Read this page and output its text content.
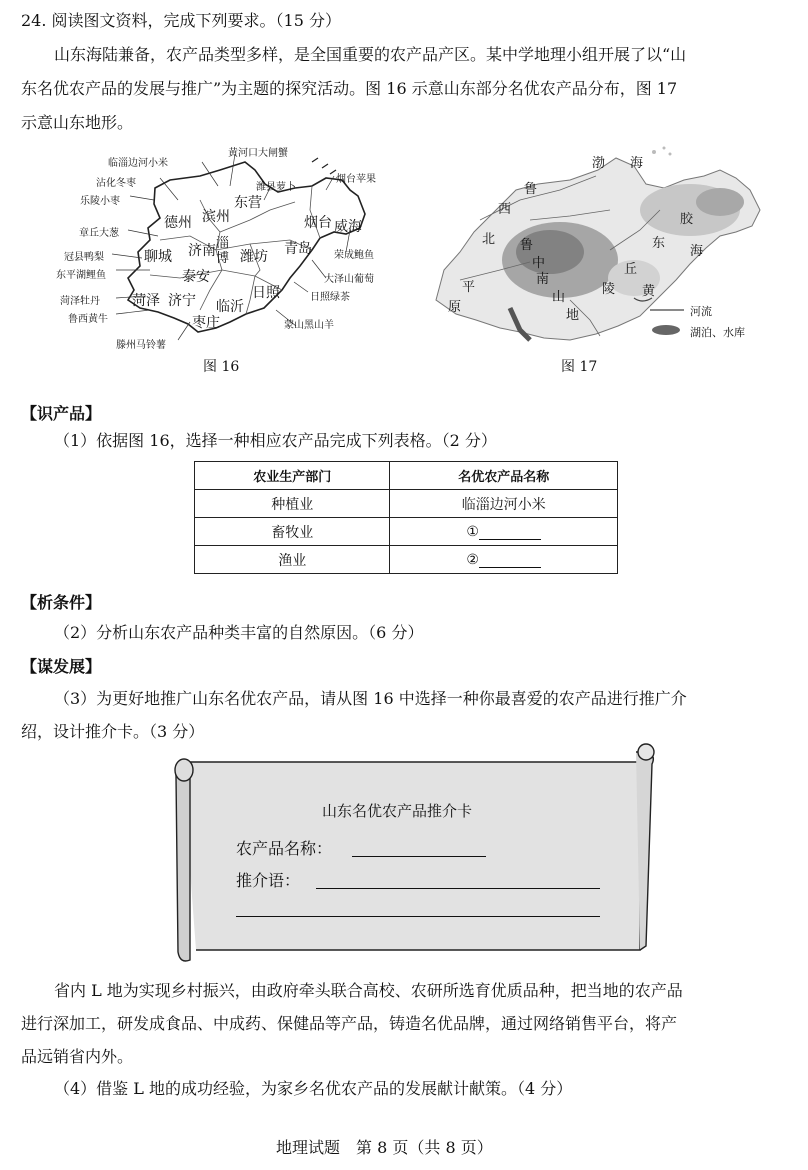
24. 阅读图文资料，完成下列要求。（15 分）
山东海陆兼备，农产品类型多样，是全国重要的农产品产区。某中学地理小组开展了以“山
东名优农产品的发展与推广”为主题的探究活动。图 16 示意山东部分名优农产品分布，图 17
示意山东地形。
临淄边河小米
沾化冬枣
乐陵小枣
章丘大葱
冠县鸭梨
东平湖鲤鱼
菏泽牡丹
鲁西黄牛
滕州马铃薯
黄河口大闸蟹
潍县萝卜
烟台苹果
荣成鲍鱼
大泽山葡萄
日照绿茶
蒙山黑山羊
德州 滨州
东营
烟台 威海
聊城 济南 淄博 潍坊 青岛
泰安
菏泽 济宁 临沂
日照
枣庄
图 16
渤 海
鲁
西
北 鲁
中
南
山
地
平
原
陵
胶
东
丘
黄
海
河流
湖泊、水库
图 17
【识产品】
（1）依据图 16，选择一种相应农产品完成下列表格。（2 分）
农业生产部门	名优农产品名称
种植业	临淄边河小米
畜牧业	①
渔业	②
【析条件】
（2）分析山东农产品种类丰富的自然原因。（6 分）
【谋发展】
（3）为更好地推广山东名优农产品，请从图 16 中选择一种你最喜爱的农产品进行推广介
绍，设计推介卡。（3 分）
山东名优农产品推介卡
农产品名称：
推介语：
省内 L 地为实现乡村振兴，由政府牵头联合高校、农研所选育优质品种，把当地的农产品
进行深加工，研发成食品、中成药、保健品等产品，铸造名优品牌，通过网络销售平台，将产
品远销省内外。
（4）借鉴 L 地的成功经验，为家乡名优农产品的发展献计献策。（4 分）
地理试题　第 8 页（共 8 页）
